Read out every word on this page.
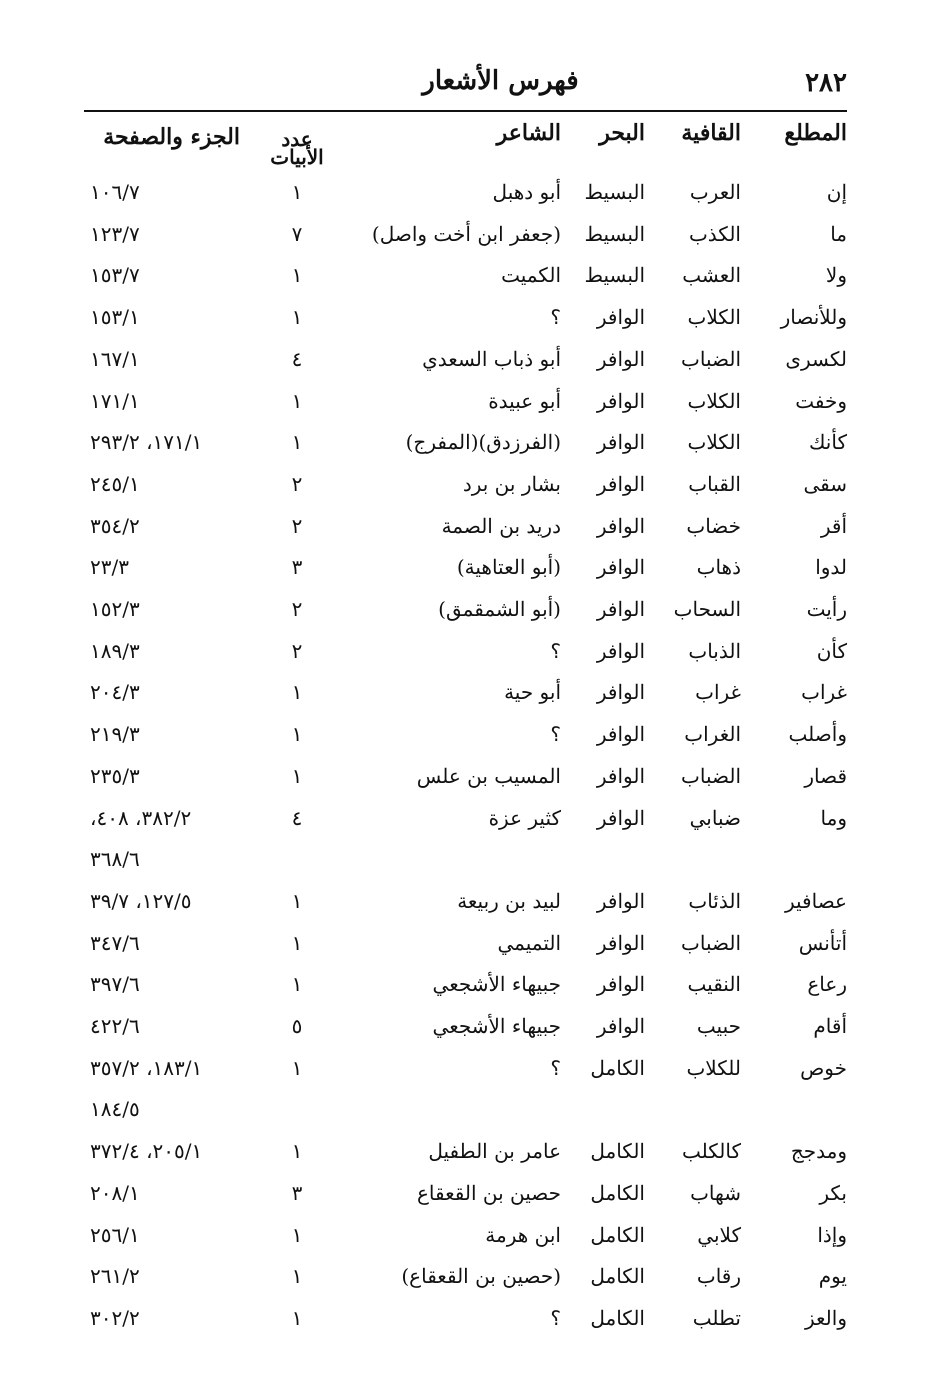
٢٨٢
فهرس الأشعار
المطلع
القافية
البحر
الشاعر
عدد الأبيات
الجزء والصفحة
إن
العرب
البسيط
أبو دهبل
١
١٠٦/٧
ما
الكذب
البسيط
(جعفر ابن أخت واصل)
٧
١٢٣/٧
ولا
العشب
البسيط
الكميت
١
١٥٣/٧
وللأنصار
الكلاب
الوافر
؟
١
١٥٣/١
لكسرى
الضباب
الوافر
أبو ذباب السعدي
٤
١٦٧/١
وخفت
الكلاب
الوافر
أبو عبيدة
١
١٧١/١
كأنك
الكلاب
الوافر
(الفرزدق)(المفرج)
١
١٧١/١، ٢٩٣/٢
سقى
القباب
الوافر
بشار بن برد
٢
٢٤٥/١
أقر
خضاب
الوافر
دريد بن الصمة
٢
٣٥٤/٢
لدوا
ذهاب
الوافر
(أبو العتاهية)
٣
٢٣/٣
رأيت
السحاب
الوافر
(أبو الشمقمق)
٢
١٥٢/٣
كأن
الذباب
الوافر
؟
٢
١٨٩/٣
غراب
غراب
الوافر
أبو حية
١
٢٠٤/٣
وأصلب
الغراب
الوافر
؟
١
٢١٩/٣
قصار
الضباب
الوافر
المسيب بن علس
١
٢٣٥/٣
وما
ضبابي
الوافر
كثير عزة
٤
٣٨٢/٢، ٤٠٨،
٣٦٨/٦
عصافير
الذئاب
الوافر
لبيد بن ربيعة
١
١٢٧/٥، ٣٩/٧
أتأنس
الضباب
الوافر
التميمي
١
٣٤٧/٦
رعاع
النقيب
الوافر
جبيهاء الأشجعي
١
٣٩٧/٦
أقام
حبيب
الوافر
جبيهاء الأشجعي
٥
٤٢٢/٦
خوص
للكلاب
الكامل
؟
١
١٨٣/١، ٣٥٧/٢
١٨٤/٥
ومدجج
كالكلب
الكامل
عامر بن الطفيل
١
٢٠٥/١، ٣٧٢/٤
بكر
شهاب
الكامل
حصين بن القعقاع
٣
٢٠٨/١
وإذا
كلابي
الكامل
ابن هرمة
١
٢٥٦/١
يوم
رقاب
الكامل
(حصين بن القعقاع)
١
٢٦١/٢
والعز
تطلب
الكامل
؟
١
٣٠٢/٢
